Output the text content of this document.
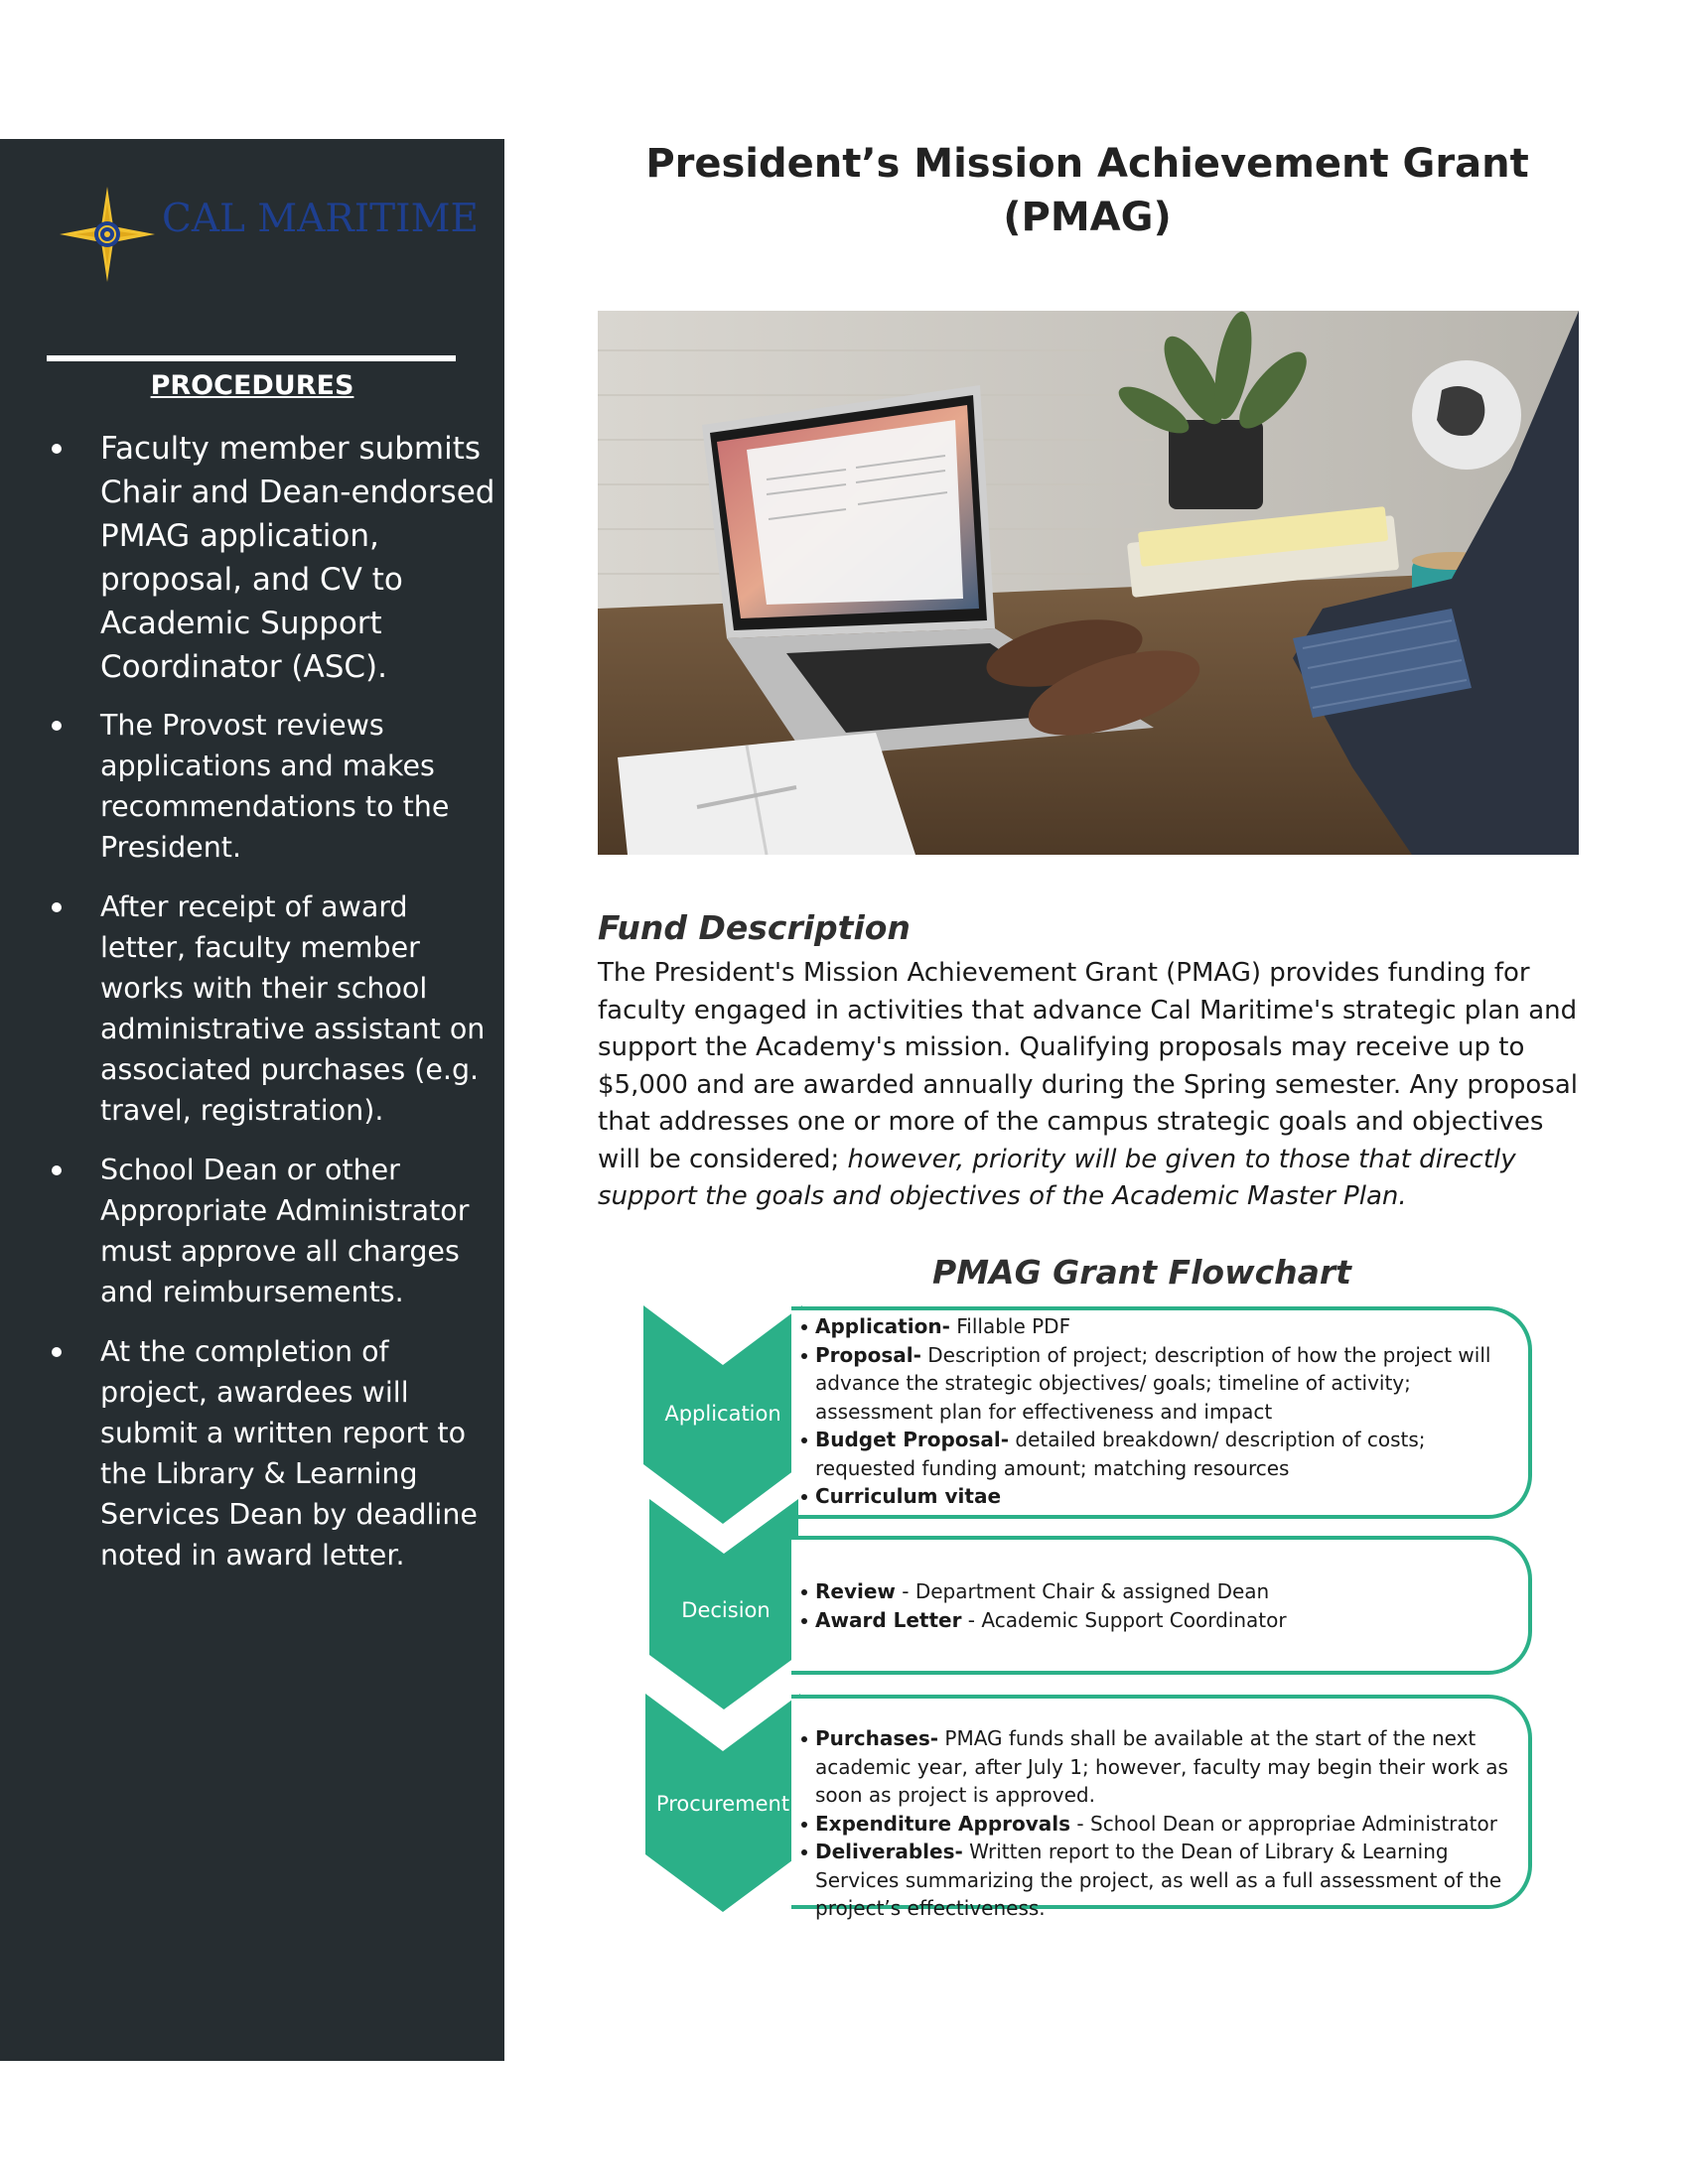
CAL MARITIME
PROCEDURES
Faculty member submits Chair and Dean-endorsed PMAG application, proposal, and CV to Academic Support Coordinator (ASC).
The Provost reviews applications and makes recommendations to the President.
After receipt of award letter, faculty member works with their school administrative assistant on associated purchases (e.g. travel, registration).
School Dean or other Appropriate Administrator must approve all charges and reimbursements.
At the completion of project, awardees will submit a written report to the Library & Learning Services Dean by deadline noted in award letter.
President’s Mission Achievement Grant
(PMAG)
Fund Description

The President's Mission Achievement Grant (PMAG) provides funding for faculty engaged in activities that advance Cal Maritime's strategic plan and support the Academy's mission. Qualifying proposals may receive up to $5,000 and are awarded annually during the Spring semester. Any proposal that addresses one or more of the campus strategic goals and objectives will be considered; however, priority will be given to those that directly support the goals and objectives of the Academic Master Plan.

PMAG Grant Flowchart
Application
Application- Fillable PDF
Proposal- Description of project; description of how the project will advance the strategic objectives/ goals; timeline of activity; assessment plan for effectiveness and impact
Budget Proposal- detailed breakdown/ description of costs; requested funding amount; matching resources
Curriculum vitae
Decision
Review - Department Chair & assigned Dean
Award Letter - Academic Support Coordinator
Procurement
Purchases- PMAG funds shall be available at the start of the next academic year, after July 1; however, faculty may begin their work as soon as project is approved.
Expenditure Approvals - School Dean or appropriae Administrator
Deliverables- Written report to the Dean of Library & Learning Services summarizing the project, as well as a full assessment of the project’s effectiveness.
